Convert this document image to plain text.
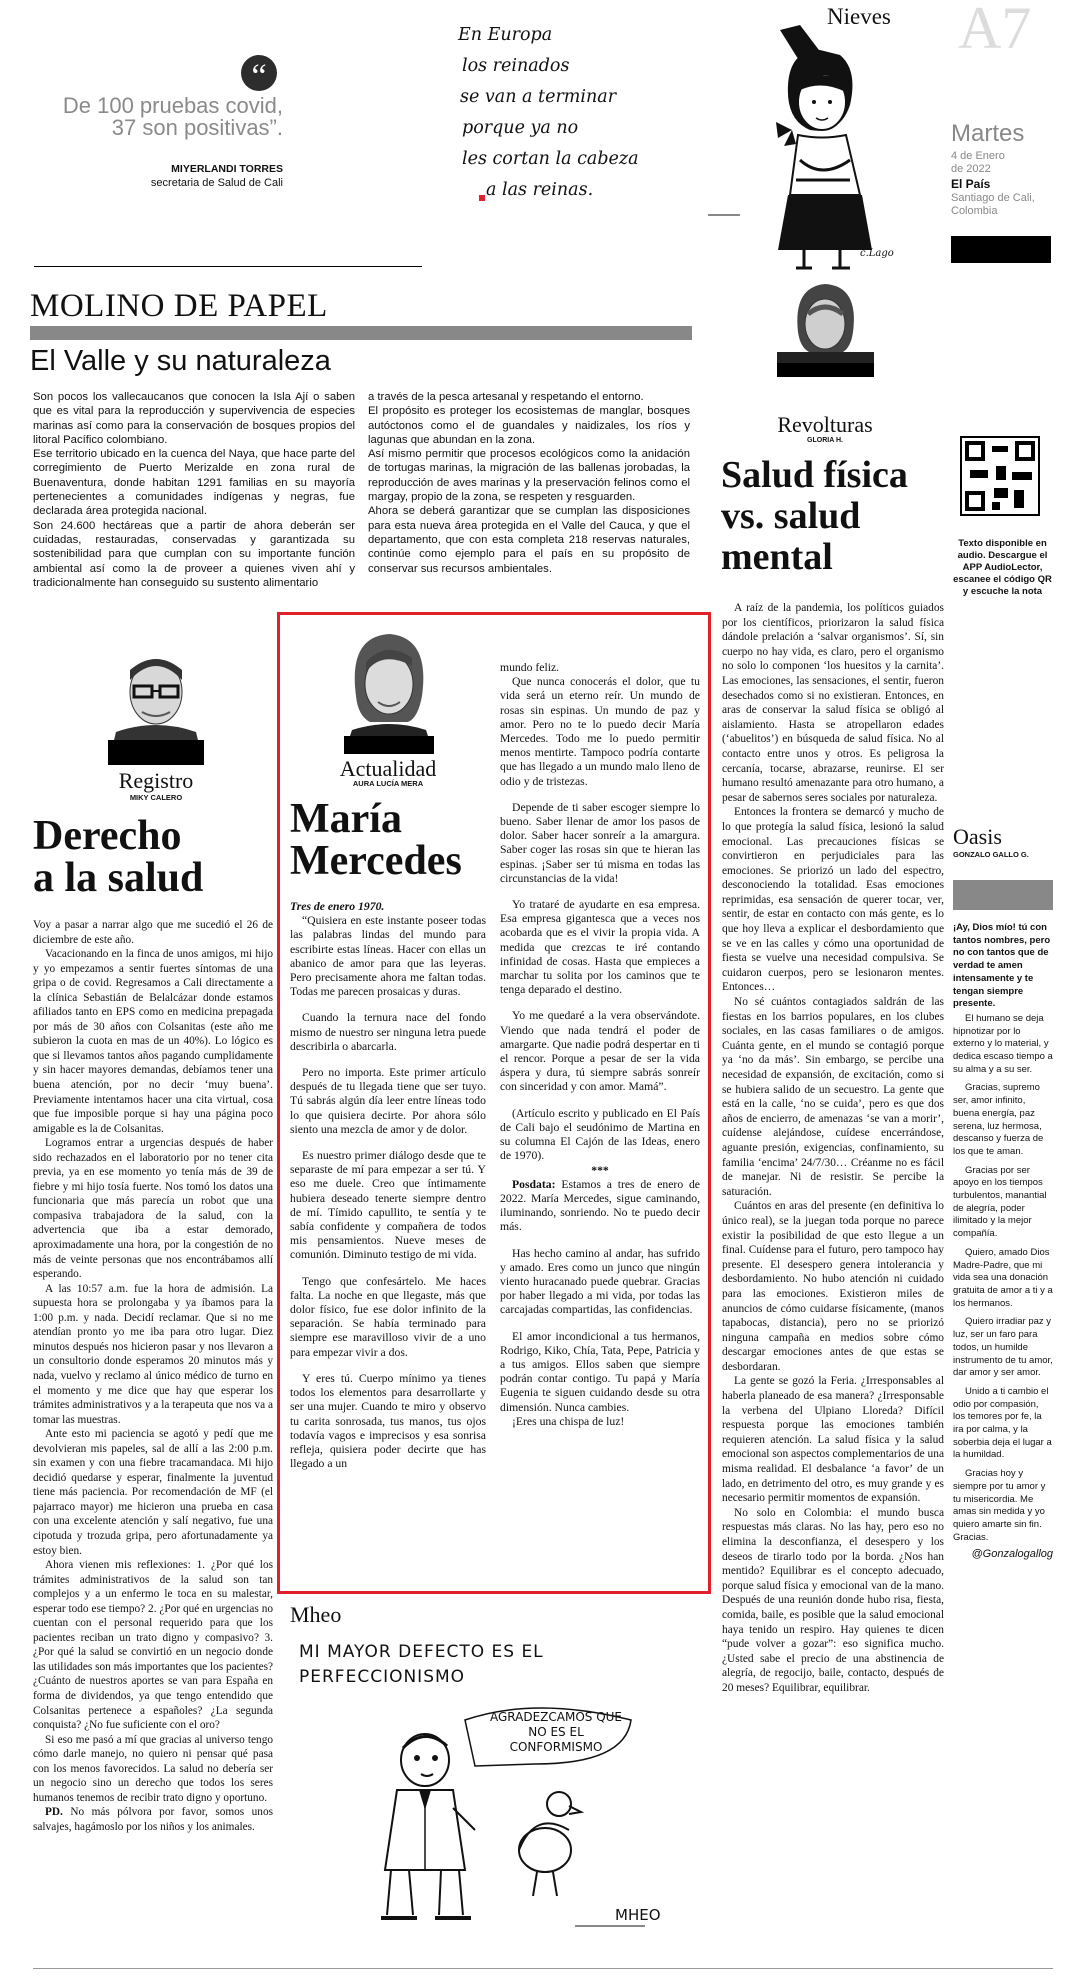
“
De 100 pruebas covid,
37 son positivas”.
MIYERLANDI TORRES
secretaria de Salud de Cali
En Europa
los reinados
se van a terminar
porque ya no
les cortan la cabeza
a las reinas.
c.Lago
Nieves A7
Martes
4 de Enero
de 2022
El País
Santiago de Cali,
Colombia
MOLINO DE PAPEL
El Valle y su naturaleza

Son pocos los vallecaucanos que conocen la Isla Ají o saben que es vital para la reproducción y supervivencia de especies marinas así como para la conservación de bosques propios del litoral Pacífico colombiano.

Ese territorio ubicado en la cuenca del Naya, que hace parte del corregimiento de Puerto Merizalde en zona rural de Buenaventura, donde habitan 1291 familias en su mayoría pertenecientes a comunidades indígenas y negras, fue declarada área protegida nacional.

Son 24.600 hectáreas que a partir de ahora deberán ser cuidadas, restauradas, conservadas y garantizada su sostenibilidad para que cumplan con su importante función ambiental así como la de proveer a quienes viven ahí y tradicionalmente han conseguido su sustento alimentario

a través de la pesca artesanal y respetando el entorno.

El propósito es proteger los ecosistemas de manglar, bosques autóctonos como el de guandales y naidizales, los ríos y lagunas que abundan en la zona.

Así mismo permitir que procesos ecológicos como la anidación de tortugas marinas, la migración de las ballenas jorobadas, la reproducción de aves marinas y la preservación felinos como el margay, propio de la zona, se respeten y resguarden.

Ahora se deberá garantizar que se cumplan las disposiciones para esta nueva área protegida en el Valle del Cauca, y que el departamento, que con esta completa 218 reservas naturales, continúe como ejemplo para el país en su propósito de conservar sus recursos ambientales.

Revolturas
GLORIA H.
Salud física
vs. salud
mental

A raíz de la pandemia, los políticos guiados por los científicos, priorizaron la salud física dándole prelación a ‘salvar organismos’. Sí, sin cuerpo no hay vida, es claro, pero el organismo no solo lo componen ‘los huesitos y la carnita’. Las emociones, las sensaciones, el sentir, fueron desechados como si no existieran. Entonces, en aras de conservar la salud física se obligó al aislamiento. Hasta se atropellaron edades (‘abuelitos’) en búsqueda de salud física. No al contacto entre unos y otros. Es peligrosa la cercanía, tocarse, abrazarse, reunirse. El ser humano resultó amenazante para otro humano, a pesar de sabernos seres sociales por naturaleza.

Entonces la frontera se demarcó y mucho de lo que protegía la salud física, lesionó la salud emocional. Las precauciones físicas se convirtieron en perjudiciales para las emociones. Se priorizó un lado del espectro, desconociendo la totalidad. Esas emociones reprimidas, esa sensación de querer tocar, ver, sentir, de estar en contacto con más gente, es lo que hoy lleva a explicar el desbordamiento que se ve en las calles y cómo una oportunidad de fiesta se vuelve una necesidad compulsiva. Se cuidaron cuerpos, pero se lesionaron mentes. Entonces…

No sé cuántos contagiados saldrán de las fiestas en los barrios populares, en los clubes sociales, en las casas familiares o de amigos. Cuánta gente, en el mundo se contagió porque ya ‘no da más’. Sin embargo, se percibe una necesidad de expansión, de excitación, como si se hubiera salido de un secuestro. La gente que está en la calle, ‘no se cuida’, pero es que dos años de encierro, de amenazas ‘se van a morir’, cuídense alejándose, cuídese encerrándose, aguante presión, exigencias, confinamiento, su familia ‘encima’ 24/7/30… Créanme no es fácil de manejar. Ni de resistir. Se percibe la saturación.

Cuántos en aras del presente (en definitiva lo único real), se la juegan toda porque no parece existir la posibilidad de que esto llegue a un final. Cuídense para el futuro, pero tampoco hay presente. El desespero genera intolerancia y desbordamiento. No hubo atención ni cuidado para las emociones. Existieron miles de anuncios de cómo cuidarse físicamente, (manos tapabocas, distancia), pero no se priorizó ninguna campaña en medios sobre cómo descargar emociones antes de que estas se desbordaran.

La gente se gozó la Feria. ¿Irresponsables al haberla planeado de esa manera? ¿Irresponsable la verbena del Ulpiano Lloreda? Difícil respuesta porque las emociones también requieren atención. La salud física y la salud emocional son aspectos complementarios de una misma realidad. El desbalance ‘a favor’ de un lado, en detrimento del otro, es muy grande y es necesario permitir momentos de expansión.

No solo en Colombia: el mundo busca respuestas más claras. No las hay, pero eso no elimina la desconfianza, el desespero y los deseos de tirarlo todo por la borda. ¿Nos han mentido? Equilibrar es el concepto adecuado, porque salud física y emocional van de la mano. Después de una reunión donde hubo risa, fiesta, comida, baile, es posible que la salud emocional haya tenido un respiro. Hay quienes te dicen “pude volver a gozar”: eso significa mucho. ¿Usted sabe el precio de una abstinencia de alegría, de regocijo, baile, contacto, después de 20 meses? Equilibrar, equilibrar.

Texto disponible en audio. Descargue el APP AudioLector, escanee el código QR y escuche la nota
Oasis
GONZALO GALLO G.

¡Ay, Dios mío! tú con tantos nombres, pero no con tantos que de verdad te amen intensamente y te tengan siempre presente.

El humano se deja hipnotizar por lo externo y lo material, y dedica escaso tiempo a su alma y a su ser.

Gracias, supremo ser, amor infinito, buena energía, paz serena, luz hermosa, descanso y fuerza de los que te aman.

Gracias por ser apoyo en los tiempos turbulentos, manantial de alegría, poder ilimitado y la mejor compañía.

Quiero, amado Dios Madre-Padre, que mi vida sea una donación gratuita de amor a ti y a los hermanos.

Quiero irradiar paz y luz, ser un faro para todos, un humilde instrumento de tu amor, dar amor y ser amor.

Unido a ti cambio el odio por compasión, los temores por fe, la ira por calma, y la soberbia deja el lugar a la humildad.

Gracias hoy y siempre por tu amor y tu misericordia. Me amas sin medida y yo quiero amarte sin fin. Gracias.

@Gonzalogallog

Registro
MIKY CALERO
Derecho
a la salud

Voy a pasar a narrar algo que me sucedió el 26 de diciembre de este año.

Vacacionando en la finca de unos amigos, mi hijo y yo empezamos a sentir fuertes síntomas de una gripa o de covid. Regresamos a Cali directamente a la clínica Sebastián de Belalcázar donde estamos afiliados tanto en EPS como en medicina prepagada por más de 30 años con Colsanitas (este año me subieron la cuota en mas de un 40%). Lo lógico es que si llevamos tantos años pagando cumplidamente y sin hacer mayores demandas, debíamos tener una buena atención, por no decir ‘muy buena’. Previamente intentamos hacer una cita virtual, cosa que fue imposible porque si hay una página poco amigable es la de Colsanitas.

Logramos entrar a urgencias después de haber sido rechazados en el laboratorio por no tener cita previa, ya en ese momento yo tenía más de 39 de fiebre y mi hijo tosía fuerte. Nos tomó los datos una funcionaria que más parecía un robot que una compasiva trabajadora de la salud, con la advertencia que iba a estar demorado, aproximadamente una hora, por la congestión de no más de veinte personas que nos encontrábamos allí esperando.

A las 10:57 a.m. fue la hora de admisión. La supuesta hora se prolongaba y ya íbamos para la 1:00 p.m. y nada. Decidí reclamar. Que si no me atendían pronto yo me iba para otro lugar. Diez minutos después nos hicieron pasar y nos llevaron a un consultorio donde esperamos 20 minutos más y nada, vuelvo y reclamo al único médico de turno en el momento y me dice que hay que esperar los trámites administrativos y a la terapeuta que nos va a tomar las muestras.

Ante esto mi paciencia se agotó y pedí que me devolvieran mis papeles, sal de allí a las 2:00 p.m. sin examen y con una fiebre tracamandaca. Mi hijo decidió quedarse y esperar, finalmente la juventud tiene más paciencia. Por recomendación de MF (el pajarraco mayor) me hicieron una prueba en casa con una excelente atención y salí negativo, fue una cipotuda y trozuda gripa, pero afortunadamente ya estoy bien.

Ahora vienen mis reflexiones: 1. ¿Por qué los trámites administrativos de la salud son tan complejos y a un enfermo le toca en su malestar, esperar todo ese tiempo? 2. ¿Por qué en urgencias no cuentan con el personal requerido para que los pacientes reciban un trato digno y compasivo? 3. ¿Por qué la salud se convirtió en un negocio donde las utilidades son más importantes que los pacientes? ¿Cuánto de nuestros aportes se van para España en forma de dividendos, ya que tengo entendido que Colsanitas pertenece a españoles? ¿La segunda conquista? ¿No fue suficiente con el oro?

Si eso me pasó a mí que gracias al universo tengo cómo darle manejo, no quiero ni pensar qué pasa con los menos favorecidos. La salud no debería ser un negocio sino un derecho que todos los seres humanos tenemos de recibir trato digno y oportuno.

PD. No más pólvora por favor, somos unos salvajes, hagámoslo por los niños y los animales.

Actualidad
AURA LUCÍA MERA
María
Mercedes

Tres de enero 1970.

“Quisiera en este instante poseer todas las palabras lindas del mundo para escribirte estas líneas. Hacer con ellas un abanico de amor para que las leyeras. Pero precisamente ahora me faltan todas. Todas me parecen prosaicas y duras.

Cuando la ternura nace del fondo mismo de nuestro ser ninguna letra puede describirla o abarcarla.

Pero no importa. Este primer artículo después de tu llegada tiene que ser tuyo. Tú sabrás algún día leer entre líneas todo lo que quisiera decirte. Por ahora sólo siento una mezcla de amor y de dolor.

Es nuestro primer diálogo desde que te separaste de mí para empezar a ser tú. Y eso me duele. Creo que íntimamente hubiera deseado tenerte siempre dentro de mí. Tímido capullito, te sentía y te sabía confidente y compañera de todos mis pensamientos. Nueve meses de comunión. Diminuto testigo de mi vida.

Tengo que confesártelo. Me haces falta. La noche en que llegaste, más que dolor físico, fue ese dolor infinito de la separación. Se había terminado para siempre ese maravilloso vivir de a uno para empezar vivir a dos.

Y eres tú. Cuerpo mínimo ya tienes todos los elementos para desarrollarte y ser una mujer. Cuando te miro y observo tu carita sonrosada, tus manos, tus ojos todavía vagos e imprecisos y esa sonrisa refleja, quisiera poder decirte que has llegado a un

mundo feliz.

Que nunca conocerás el dolor, que tu vida será un eterno reír. Un mundo de rosas sin espinas. Un mundo de paz y amor. Pero no te lo puedo decir María Mercedes. Todo me lo puedo permitir menos mentirte. Tampoco podría contarte que has llegado a un mundo malo lleno de odio y de tristezas.

Depende de ti saber escoger siempre lo bueno. Saber llenar de amor los pasos de dolor. Saber hacer sonreír a la amargura. Saber coger las rosas sin que te hieran las espinas. ¡Saber ser tú misma en todas las circunstancias de la vida!

Yo trataré de ayudarte en esa empresa. Esa empresa gigantesca que a veces nos acobarda que es el vivir la propia vida. A medida que crezcas te iré contando infinidad de cosas. Hasta que empieces a marchar tu solita por los caminos que te tenga deparado el destino.

Yo me quedaré a la vera observándote. Viendo que nada tendrá el poder de amargarte. Que nadie podrá despertar en ti el rencor. Porque a pesar de ser la vida áspera y dura, tú siempre sabrás sonreír con sinceridad y con amor. Mamá”.

(Artículo escrito y publicado en El País de Cali bajo el seudónimo de Martina en su columna El Cajón de las Ideas, enero de 1970).

***

Posdata: Estamos a tres de enero de 2022. María Mercedes, sigue caminando, iluminando, sonriendo. No te puedo decir más.

Has hecho camino al andar, has sufrido y amado. Eres como un junco que ningún viento huracanado puede quebrar. Gracias por haber llegado a mi vida, por todas las carcajadas compartidas, las confidencias.

El amor incondicional a tus hermanos, Rodrigo, Kiko, Chía, Tata, Pepe, Patricia y a tus amigos. Ellos saben que siempre podrán contar contigo. Tu papá y María Eugenia te siguen cuidando desde su otra dimensión. Nunca cambies.

¡Eres una chispa de luz!

Mheo
MI MAYOR DEFECTO ES EL
PERFECCIONISMO
AGRADEZCAMOS QUE
NO ES EL
CONFORMISMO
MHEO
